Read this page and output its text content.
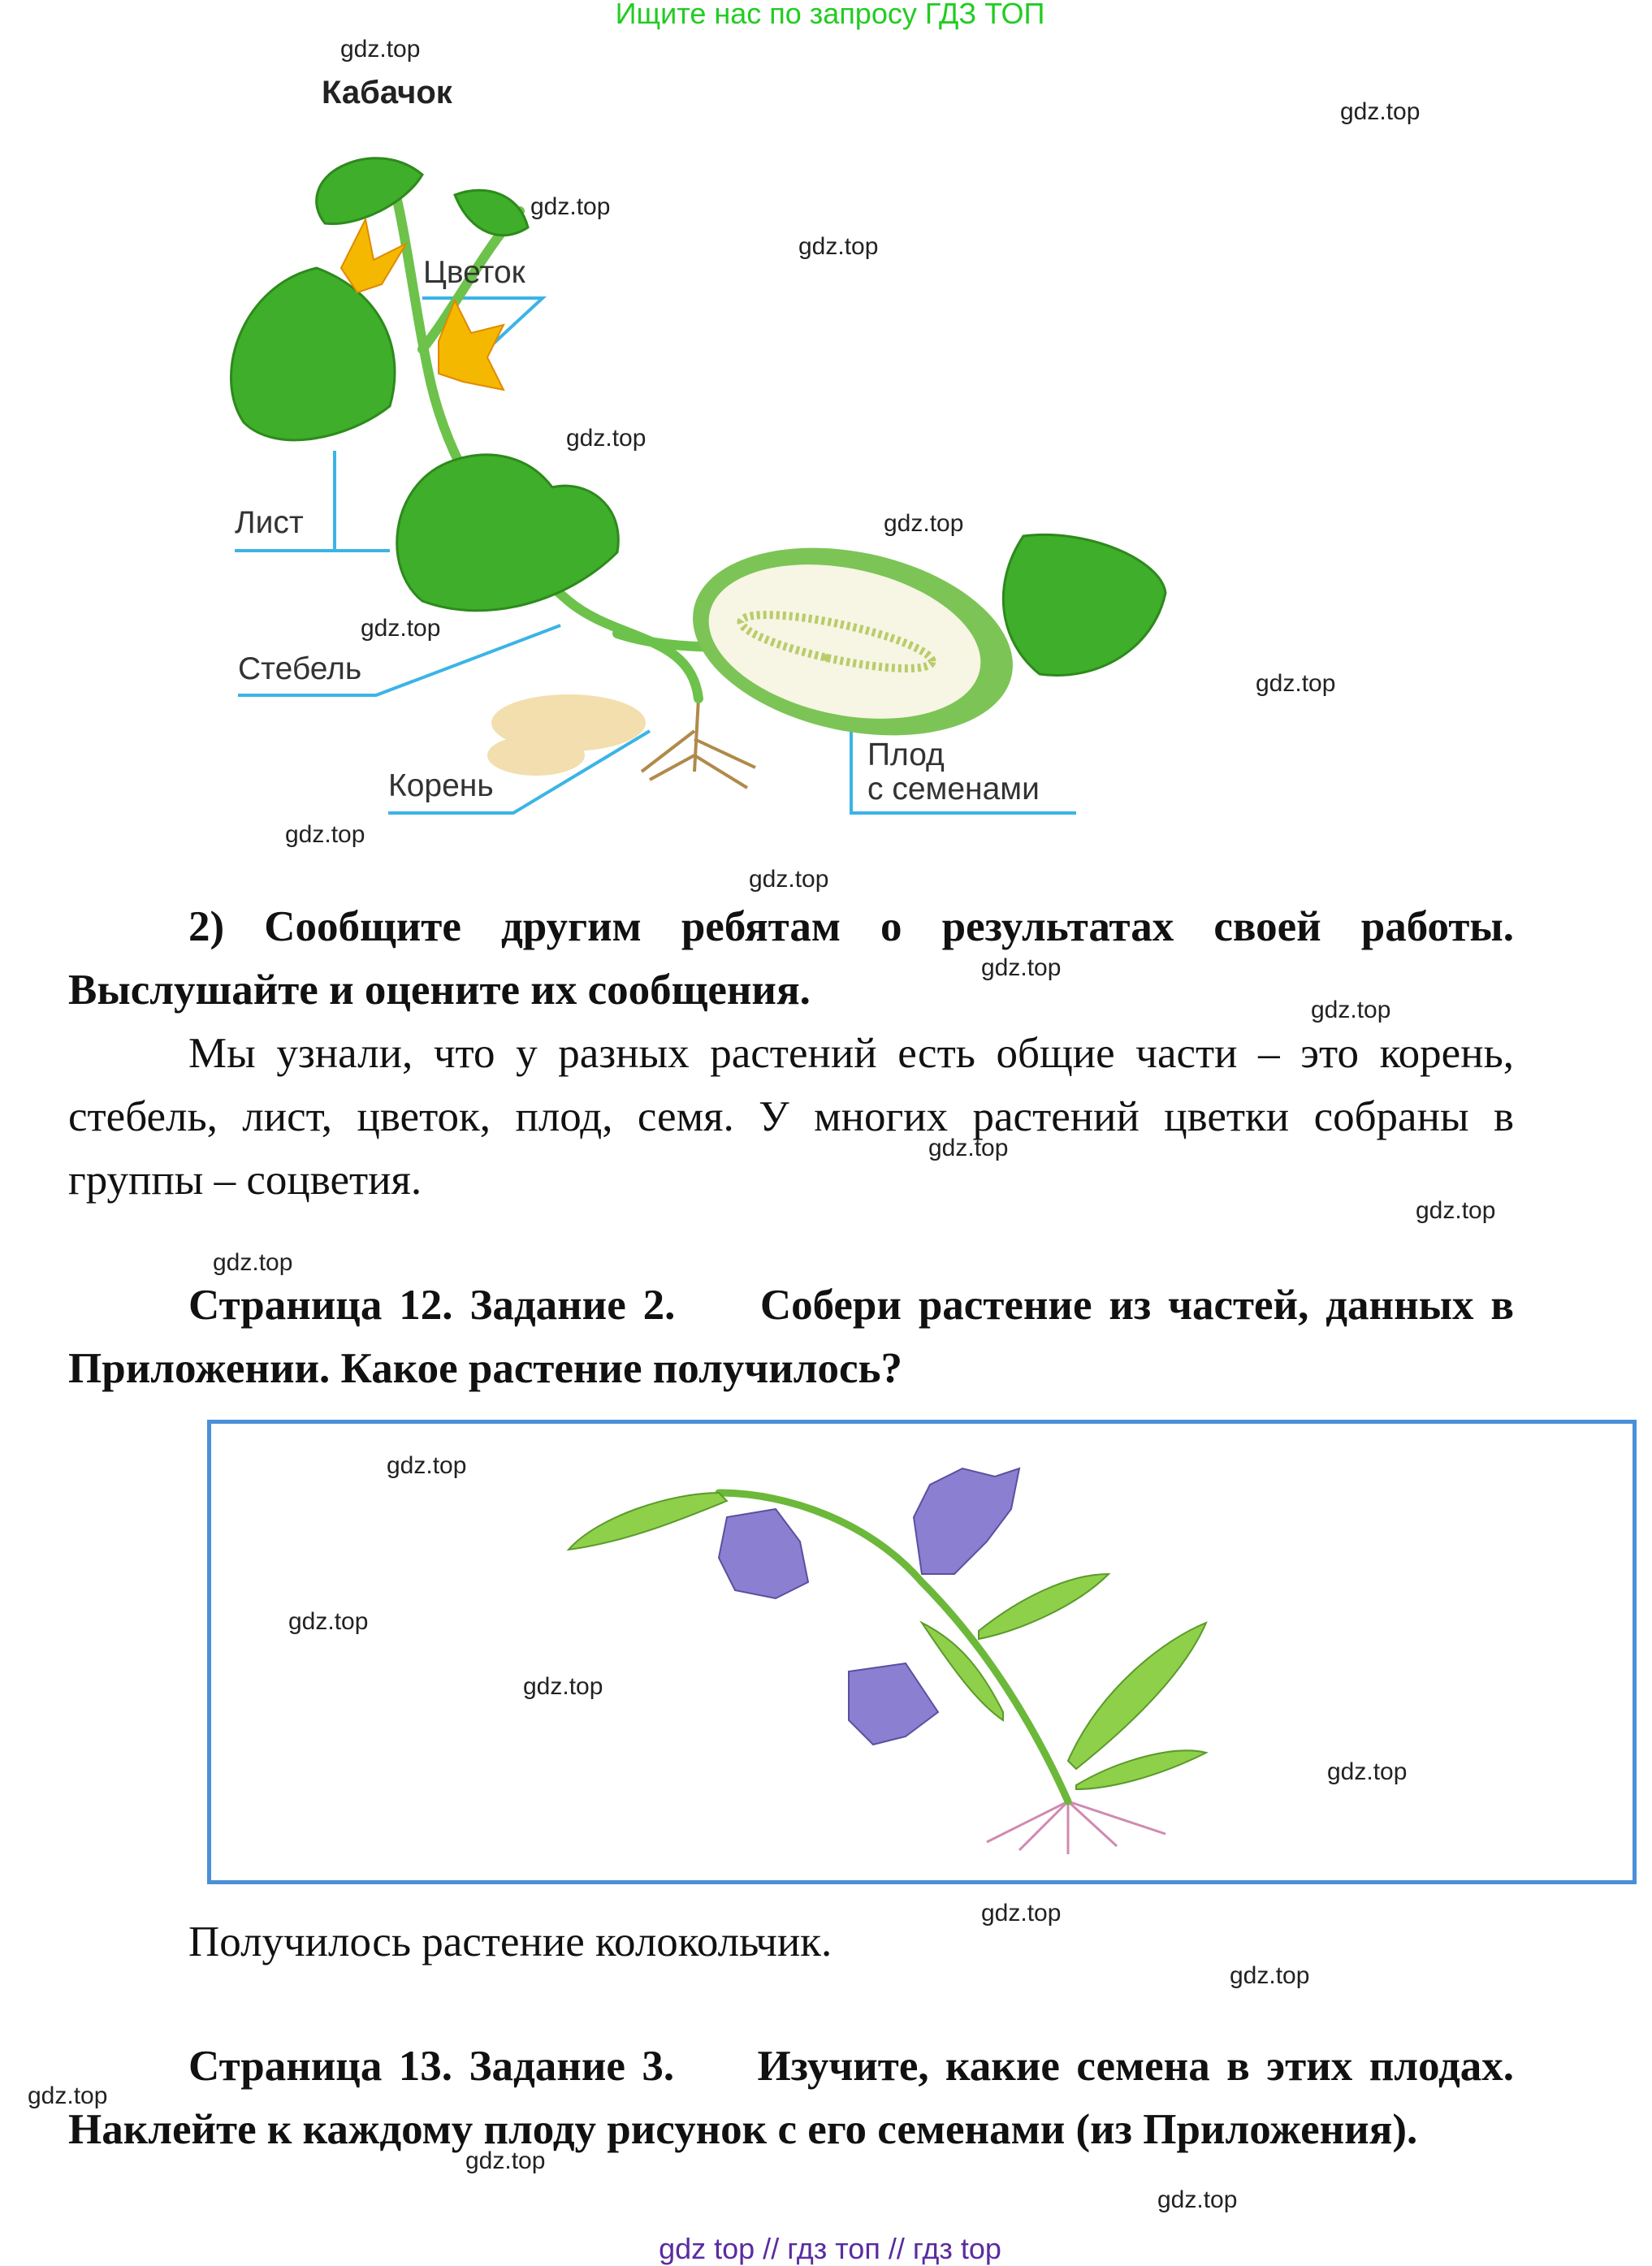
Ищите нас по запросу ГДЗ ТОП
Кабачок
Цветок
Лист
Стебель
Корень
Плод
с семенами
2) Сообщите другим ребятам о результатах своей работы. Выслушайте и оцените их сообщения.
Мы узнали, что у разных растений есть общие части – это корень, стебель, лист, цветок, плод, семя. У многих растений цветки собраны в группы – соцветия.
Страница 12. Задание 2. Собери растение из частей, данных в Приложении. Какое растение получилось?
Получилось растение колокольчик.
Страница 13. Задание 3. Изучите, какие семена в этих плодах. Наклейте к каждому плоду рисунок с его семенами (из Приложения).
gdz top // гдз топ // гдз top
gdz.top
gdz.top
gdz.top
gdz.top
gdz.top
gdz.top
gdz.top
gdz.top
gdz.top
gdz.top
gdz.top
gdz.top
gdz.top
gdz.top
gdz.top
gdz.top
gdz.top
gdz.top
gdz.top
gdz.top
gdz.top
gdz.top
gdz.top
gdz.top
